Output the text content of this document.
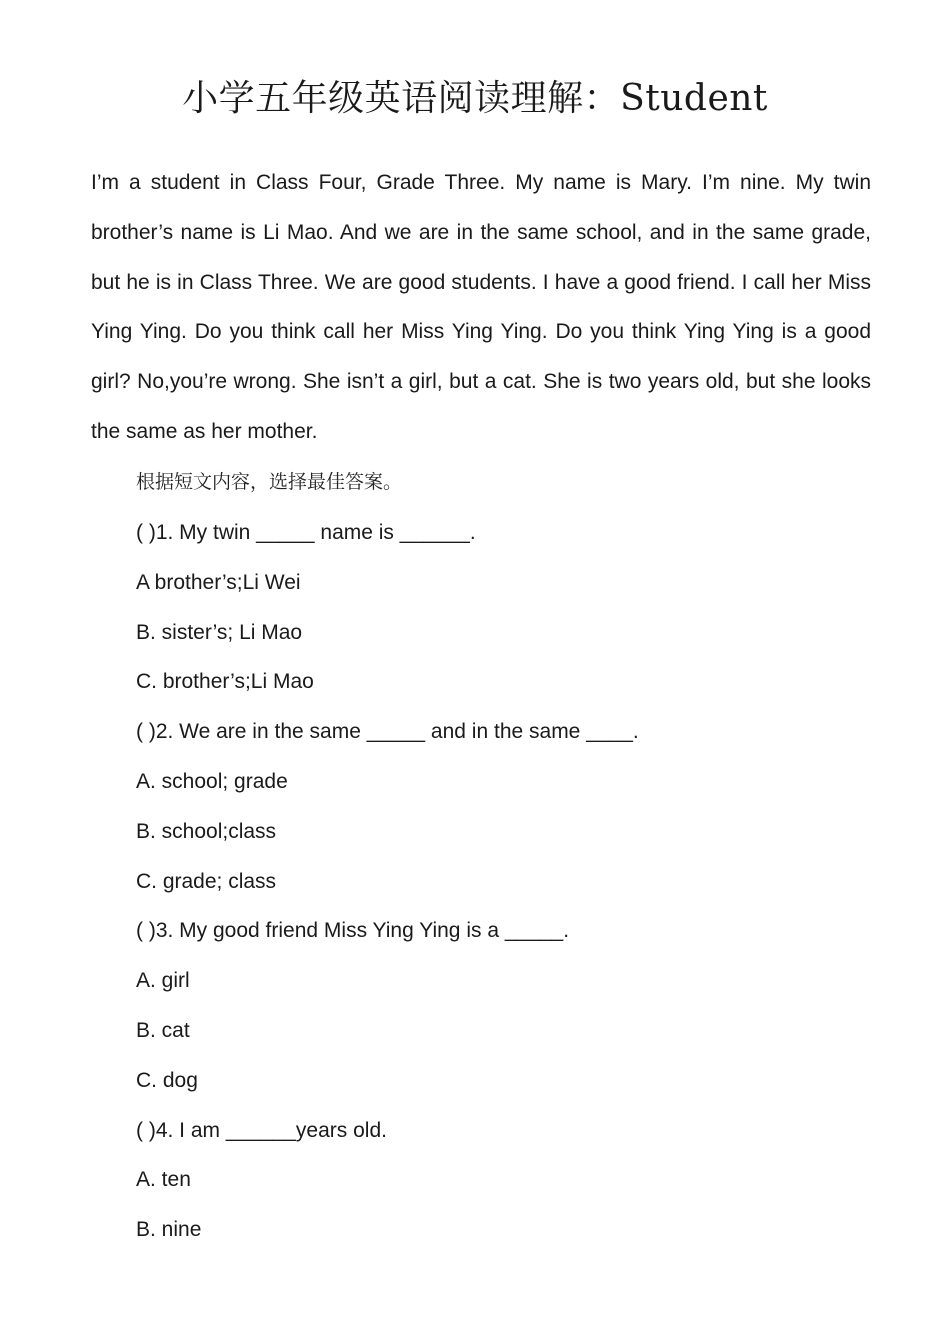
小学五年级英语阅读理解：Student

I’m a student in Class Four, Grade Three. My name is Mary. I’m nine. My twin brother’s name is Li Mao. And we are in the same school, and in the same grade, but he is in Class Three. We are good students. I have a good friend. I call her Miss Ying Ying. Do you think call her Miss Ying Ying. Do you think Ying Ying is a good girl? No,you’re wrong. She isn’t a girl, but a cat. She is two years old, but she looks the same as her mother.

根据短文内容，选择最佳答案。

( )1. My twin _____ name is ______.
A brother’s;Li Wei
B. sister’s; Li Mao
C. brother’s;Li Mao
( )2. We are in the same _____ and in the same ____.
A. school; grade
B. school;class
C. grade; class
( )3. My good friend Miss Ying Ying is a _____.
A. girl
B. cat
C. dog
( )4. I am ______years old.
A. ten
B. nine
